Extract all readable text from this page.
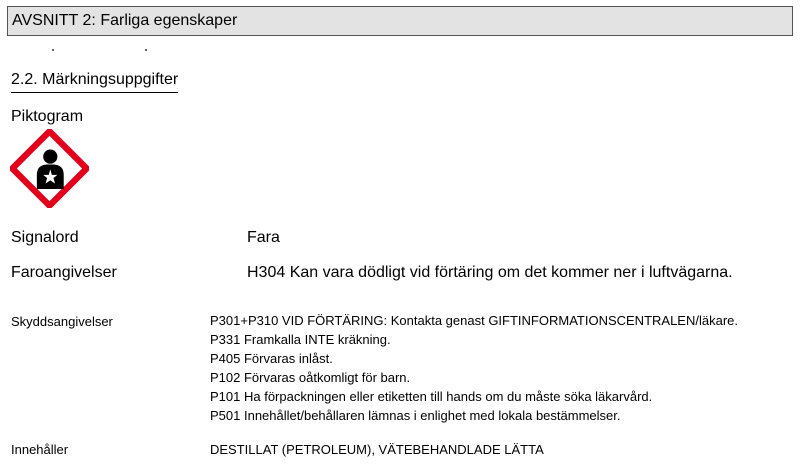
AVSNITT 2: Farliga egenskaper
2.2. Märkningsuppgifter
Piktogram
Signalord	Fara
Faroangivelser	H304 Kan vara dödligt vid förtäring om det kommer ner i luftvägarna.
Skyddsangivelser	P301+P310 VID FÖRTÄRING: Kontakta genast GIFTINFORMATIONSCENTRALEN/läkare.
P331 Framkalla INTE kräkning.
P405 Förvaras inlåst.
P102 Förvaras oåtkomligt för barn.
P101 Ha förpackningen eller etiketten till hands om du måste söka läkarvård.
P501 Innehållet/behållaren lämnas i enlighet med lokala bestämmelser.
Innehåller	DESTILLAT (PETROLEUM), VÄTEBEHANDLADE LÄTTA
